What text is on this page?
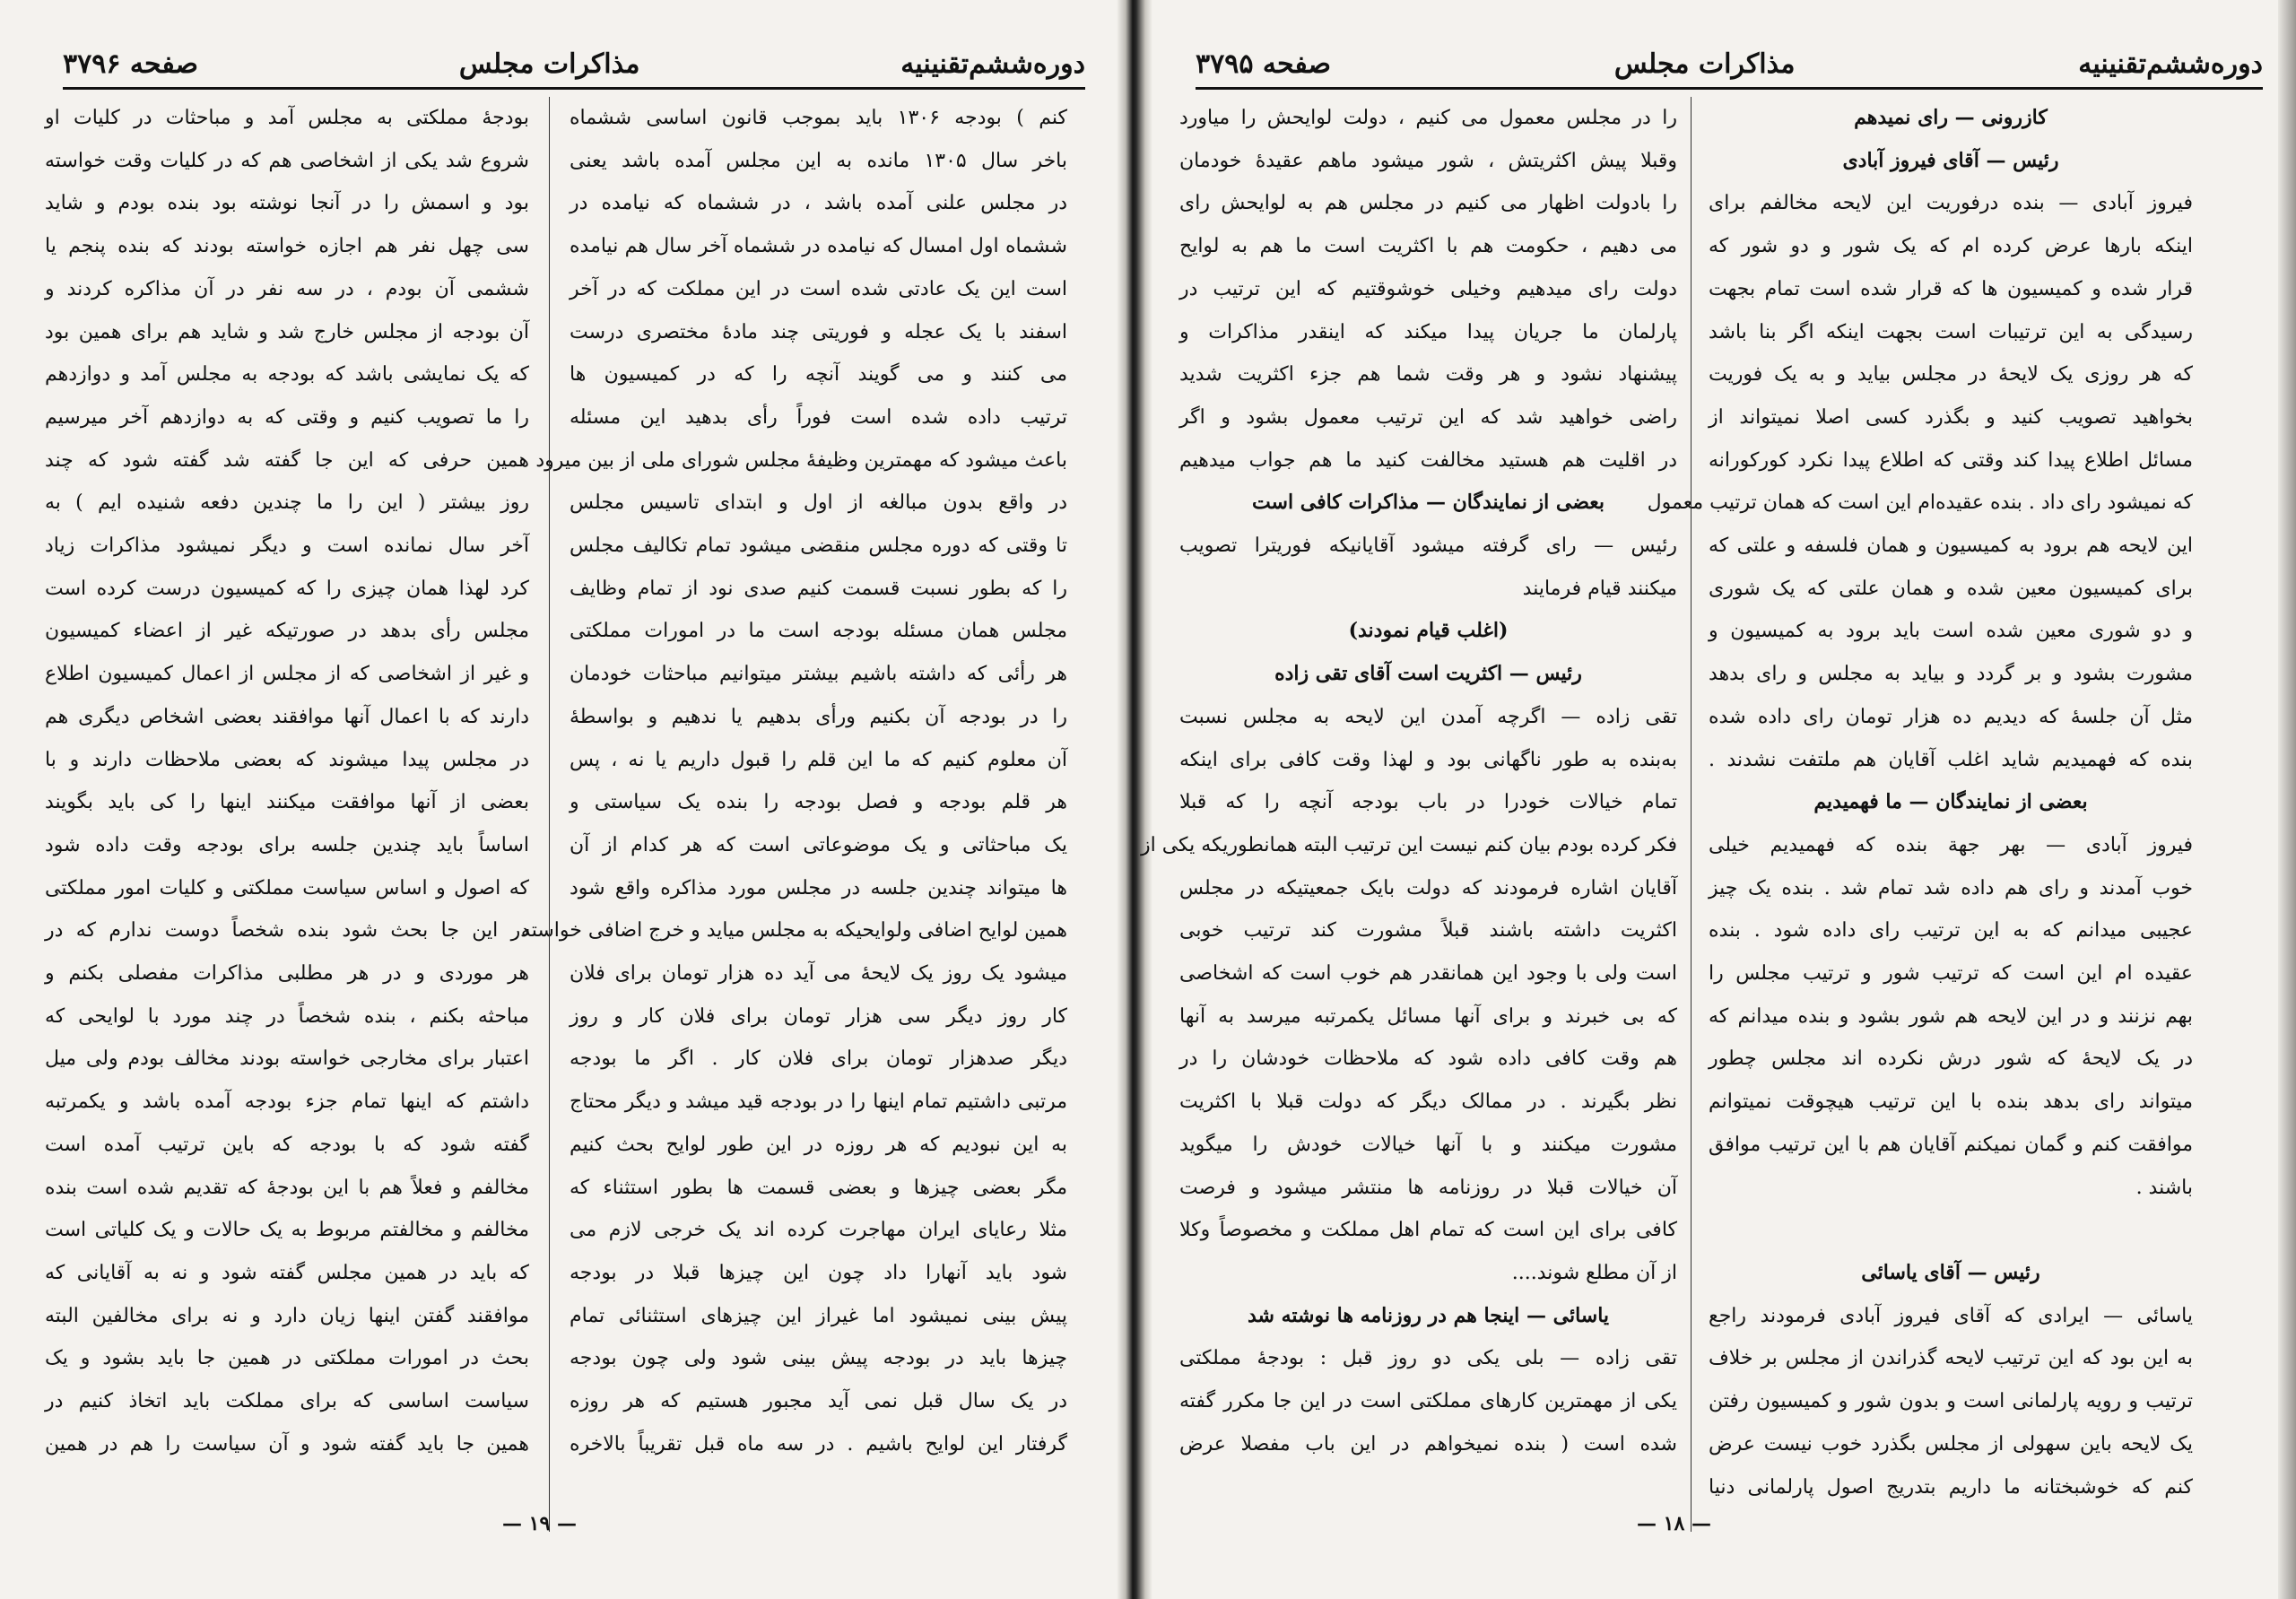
صفحه ۳۷۹۶	مذاکرات مجلس	دوره‌ششم‌تقنینیه
کنم ) بودجه ۱۳۰۶ باید بموجب قانون اساسی ششماه
باخر سال ۱۳۰۵ مانده به این مجلس آمده باشد یعنی
در مجلس علنی آمده باشد ، در ششماه که نیامده در
ششماه اول امسال که نیامده در ششماه آخر سال هم نیامده
است این یک عادتی شده است در این مملکت که در آخر
اسفند با یک عجله و فوریتی چند مادهٔ مختصری درست
می کنند و می گویند آنچه را که در کمیسیون ها
ترتیب داده شده است فوراً رأی بدهید این مسئله
باعث میشود که مهمترین وظیفهٔ مجلس شورای ملی از بین میرود
در واقع بدون مبالغه از اول و ابتدای تاسیس مجلس
تا وقتی که دوره مجلس منقضی میشود تمام تکالیف مجلس
را که بطور نسبت قسمت کنیم صدی نود از تمام وظایف
مجلس همان مسئله بودجه است ما در امورات مملکتی
هر رأئی که داشته باشیم بیشتر میتوانیم مباحثات خودمان
را در بودجه آن بکنیم ورأی بدهیم یا ندهیم و بواسطهٔ
آن معلوم کنیم که ما این قلم را قبول داریم یا نه ، پس
هر قلم بودجه و فصل بودجه را بنده یک سیاستی و
یک مباحثاتی و یک موضوعاتی است که هر کدام از آن
ها میتواند چندین جلسه در مجلس مورد مذاکره واقع شود
همین لوایح اضافی ولوایحیکه به مجلس میاید و خرج اضافی خواسته
میشود یک روز یک لایحهٔ می آید ده هزار تومان برای فلان
کار روز دیگر سی هزار تومان برای فلان کار و روز
دیگر صدهزار تومان برای فلان کار . اگر ما بودجه
مرتبی داشتیم تمام اینها را در بودجه قید میشد و دیگر محتاج
به این نبودیم که هر روزه در این طور لوایح بحث کنیم
مگر بعضی چیزها و بعضی قسمت ها بطور استثناء که
مثلا رعایای ایران مهاجرت کرده اند یک خرجی لازم می
شود باید آنهارا داد چون این چیزها قبلا در بودجه
پیش بینی نمیشود اما غیراز این چیزهای استثنائی تمام
چیزها باید در بودجه پیش بینی شود ولی چون بودجه
در یک سال قبل نمی آید مجبور هستیم که هر روزه
گرفتار این لوایح باشیم . در سه ماه قبل تقریباً بالاخره
بودجهٔ مملکتی به مجلس آمد و مباحثات در کلیات او
شروع شد یکی از اشخاصی هم که در کلیات وقت خواسته
بود و اسمش را در آنجا نوشته بود بنده بودم و شاید
سی چهل نفر هم اجازه خواسته بودند که بنده پنجم یا
ششمی آن بودم ، در سه نفر در آن مذاکره کردند و
آن بودجه از مجلس خارج شد و شاید هم برای همین بود
که یک نمایشی باشد که بودجه به مجلس آمد و دوازدهم
را ما تصویب کنیم و وقتی که به دوازدهم آخر میرسیم
همین حرفی که این جا گفته شد گفته شود که چند
روز بیشتر ( این را ما چندین دفعه شنیده ایم ) به
آخر سال نمانده است و دیگر نمیشود مذاکرات زیاد
کرد لهذا همان چیزی را که کمیسیون درست کرده است
مجلس رأی بدهد در صورتیکه غیر از اعضاء کمیسیون
و غیر از اشخاصی که از مجلس از اعمال کمیسیون اطلاع
دارند که با اعمال آنها موافقند بعضی اشخاص دیگری هم
در مجلس پیدا میشوند که بعضی ملاحظات دارند و با
بعضی از آنها موافقت میکنند اینها را کی باید بگویند
اساساً باید چندین جلسه برای بودجه وقت داده شود
که اصول و اساس سیاست مملکتی و کلیات امور مملکتی
در این جا بحث شود بنده شخصاً دوست ندارم که در
هر موردی و در هر مطلبی مذاکرات مفصلی بکنم و
مباحثه بکنم ، بنده شخصاً در چند مورد با لوایحی که
اعتبار برای مخارجی خواسته بودند مخالف بودم ولی میل
داشتم که اینها تمام جزء بودجه آمده باشد و یکمرتبه
گفته شود که با بودجه که باین ترتیب آمده است
مخالفم و فعلاً هم با این بودجهٔ که تقدیم شده است بنده
مخالفم و مخالفتم مربوط به یک حالات و یک کلیاتی است
که باید در همین مجلس گفته شود و نه به آقایانی که
موافقند گفتن اینها زیان دارد و نه برای مخالفین البته
بحث در امورات مملکتی در همین جا باید بشود و یک
سیاست اساسی که برای مملکت باید اتخاذ کنیم در
همین جا باید گفته شود و آن سیاست را هم در همین
— ۱۹ —
صفحه ۳۷۹۵	مذاکرات مجلس	دوره‌ششم‌تقنینیه
کازرونی — رای نمیدهم
رئیس — آقای فیروز آبادی
فیروز آبادی — بنده درفوریت این لایحه مخالفم برای
اینکه بارها عرض کرده ام که یک شور و دو شور که
قرار شده و کمیسیون ها که قرار شده است تمام بجهت
رسیدگی به این ترتیبات است بجهت اینکه اگر بنا باشد
که هر روزی یک لایحهٔ در مجلس بیاید و به یک فوریت
بخواهید تصویب کنید و بگذرد کسی اصلا نمیتواند از
مسائل اطلاع پیدا کند وقتی که اطلاع پیدا نکرد کورکورانه
که نمیشود رای داد . بنده عقیده‌ام این است که همان ترتیب معمول
این لایحه هم برود به کمیسیون و همان فلسفه و علتی که
برای کمیسیون معین شده و همان علتی که یک شوری
و دو شوری معین شده است باید برود به کمیسیون و
مشورت بشود و بر گردد و بیاید به مجلس و رای بدهد
مثل آن جلسهٔ که دیدیم ده هزار تومان رای داده شده
بنده که فهمیدیم شاید اغلب آقایان هم ملتفت نشدند .
بعضی از نمایندگان — ما فهمیدیم
فیروز آبادی — بهر جهة بنده که فهمیدیم خیلی
خوب آمدند و رای هم داده شد تمام شد . بنده یک چیز
عجیبی میدانم که به این ترتیب رای داده شود . بنده
عقیده ام این است که ترتیب شور و ترتیب مجلس را
بهم نزنند و در این لایحه هم شور بشود و بنده میدانم که
در یک لایحهٔ که شور درش نکرده اند مجلس چطور
میتواند رای بدهد بنده با این ترتیب هیچوقت نمیتوانم
موافقت کنم و گمان نمیکنم آقایان هم با این ترتیب موافق
باشند .

رئیس — آقای یاسائی
یاسائی — ایرادی که آقای فیروز آبادی فرمودند راجع
به این بود که این ترتیب لایحه گذراندن از مجلس بر خلاف
ترتیب و رویه پارلمانی است و بدون شور و کمیسیون رفتن
یک لایحه باین سهولی از مجلس بگذرد خوب نیست عرض
کنم که خوشبختانه ما داریم بتدریج اصول پارلمانی دنیا
را در مجلس معمول می کنیم ، دولت لوایحش را میاورد
وقبلا پیش اکثریتش ، شور میشود ماهم عقیدهٔ خودمان
را بادولت اظهار می کنیم در مجلس هم به لوایحش رای
می دهیم ، حکومت هم با اکثریت است ما هم به لوایح
دولت رای میدهیم وخیلی خوشوقتیم که این ترتیب در
پارلمان ما جریان پیدا میکند که اینقدر مذاکرات و
پیشنهاد نشود و هر وقت شما هم جزء اکثریت شدید
راضی خواهید شد که این ترتیب معمول بشود و اگر
در اقلیت هم هستید مخالفت کنید ما هم جواب میدهیم
بعضی از نمایندگان — مذاکرات کافی است
رئیس — رای گرفته میشود آقایانیکه فوریترا تصویب
میکنند قیام فرمایند
(اغلب قیام نمودند)
رئیس — اکثریت است آقای تقی زاده
تقی زاده — اگرچه آمدن این لایحه به مجلس نسبت
به‌بنده به طور ناگهانی بود و لهذا وقت کافی برای اینکه
تمام خیالات خودرا در باب بودجه آنچه را که قبلا
فکر کرده بودم بیان کنم نیست این ترتیب البته همانطوریکه یکی از
آقایان اشاره فرمودند که دولت بایک جمعیتیکه در مجلس
اکثریت داشته باشند قبلاً مشورت کند ترتیب خوبی
است ولی با وجود این همانقدر هم خوب است که اشخاصی
که بی خبرند و برای آنها مسائل یکمرتبه میرسد به آنها
هم وقت کافی داده شود که ملاحظات خودشان را در
نظر بگیرند . در ممالک دیگر که دولت قبلا با اکثریت
مشورت میکنند و با آنها خیالات خودش را میگوید
آن خیالات قبلا در روزنامه ها منتشر میشود و فرصت
کافی برای این است که تمام اهل مملکت و مخصوصاً وکلا
از آن مطلع شوند....
یاسائی — اینجا هم در روزنامه ها نوشته شد
تقی زاده — بلی یکی دو روز قبل : بودجهٔ مملکتی
یکی از مهمترین کارهای مملکتی است در این جا مکرر گفته
شده است ( بنده نمیخواهم در این باب مفصلا عرض
— ۱۸ —
